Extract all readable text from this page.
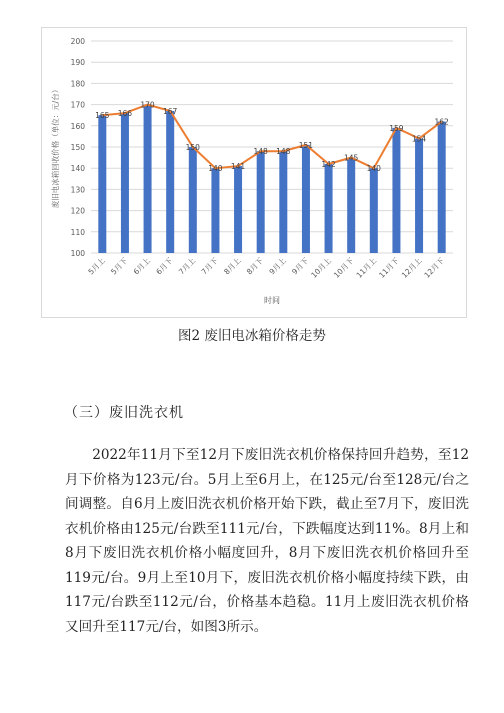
100
110
120
130
140
150
160
170
180
190
200
165 166
170
167
150
140 141
148 148
151
142
145
140
159
154
162
5月上 5月下 6月上 6月下 7月上 7月下 8月上 8月下 9月上 9月下
10月上
10月下
11月上
11月下
12月上
12月下
时间
废旧电冰箱回收价格（单位：元/台）
图2 废旧电冰箱价格走势
（三）废旧洗衣机

2022年11月下至12月下废旧洗衣机价格保持回升趋势，至12月下价格为123元/台。5月上至6月上，在125元/台至128元/台之间调整。自6月上废旧洗衣机价格开始下跌，截止至7月下，废旧洗衣机价格由125元/台跌至111元/台，下跌幅度达到11%。8月上和8月下废旧洗衣机价格小幅度回升，8月下废旧洗衣机价格回升至119元/台。9月上至10月下，废旧洗衣机价格小幅度持续下跌，由117元/台跌至112元/台，价格基本趋稳。11月上废旧洗衣机价格又回升至117元/台，如图3所示。
